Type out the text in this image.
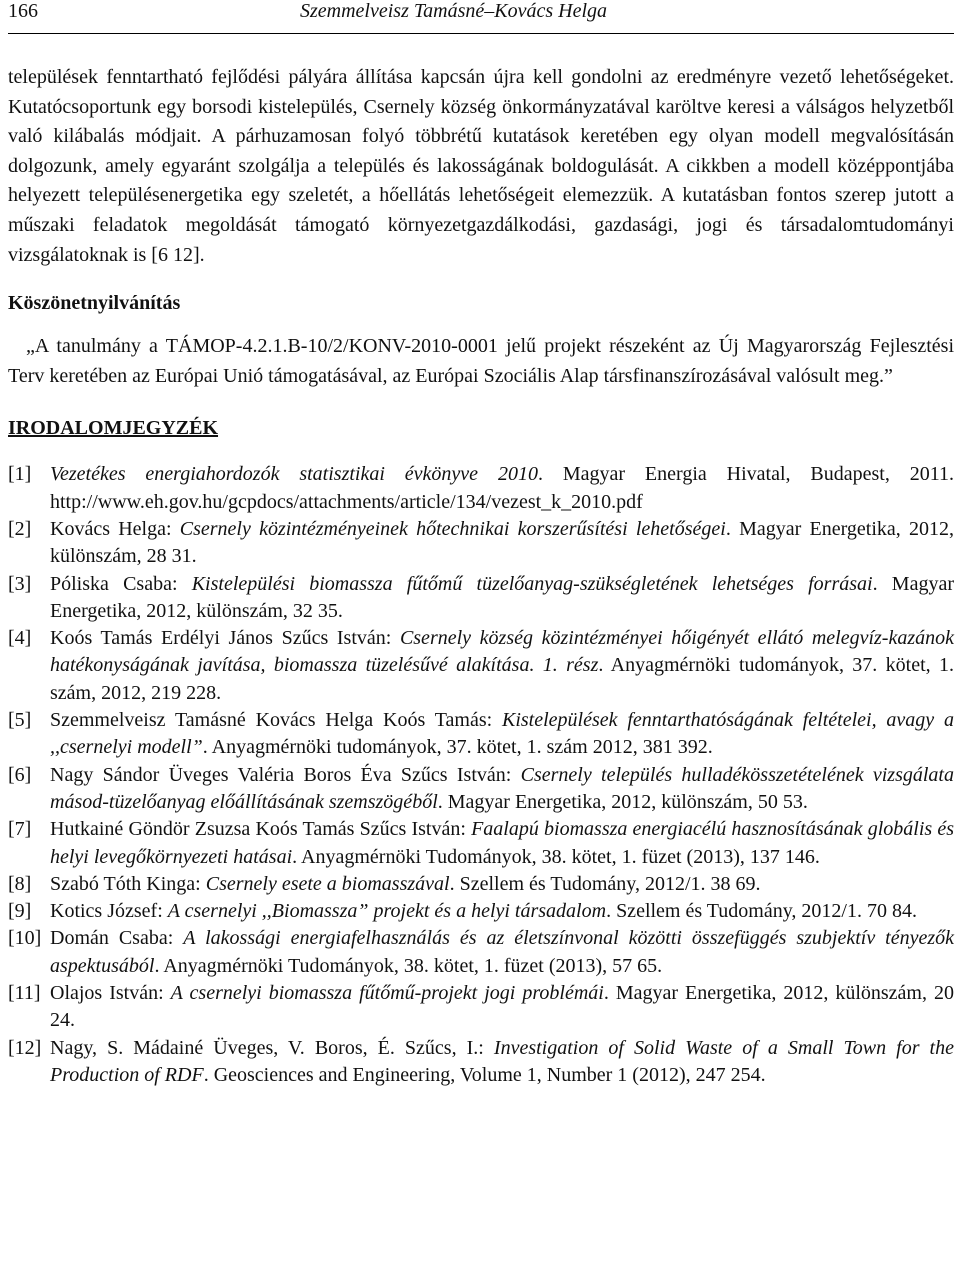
166	Szemmelveisz Tamásné–Kovács Helga

települések fenntartható fejlődési pályára állítása kapcsán újra kell gondolni az eredményre vezető lehetőségeket. Kutatócsoportunk egy borsodi kistelepülés, Csernely község önkormányzatával karöltve keresi a válságos helyzetből való kilábalás módjait. A párhuzamosan folyó többrétű kutatások keretében egy olyan modell megvalósításán dolgozunk, amely egyaránt szolgálja a település és lakosságának boldogulását. A cikkben a modell középpontjába helyezett településenergetika egy szeletét, a hőellátás lehetőségeit elemezzük. A kutatásban fontos szerep jutott a műszaki feladatok megoldását támogató környezetgazdálkodási, gazdasági, jogi és társadalomtudományi vizsgálatoknak is [6 12].

Köszönetnyilvánítás

„A tanulmány a TÁMOP-4.2.1.B-10/2/KONV-2010-0001 jelű projekt részeként az Új Magyarország Fejlesztési Terv keretében az Európai Unió támogatásával, az Európai Szociális Alap társfinanszírozásával valósult meg.”

IRODALOMJEGYZÉK
[1] Vezetékes energiahordozók statisztikai évkönyve 2010. Magyar Energia Hivatal, Budapest, 2011. http://www.eh.gov.hu/gcpdocs/attachments/article/134/vezest_k_2010.pdf
[2] Kovács Helga: Csernely közintézményeinek hőtechnikai korszerűsítési lehetőségei. Magyar Energetika, 2012, különszám, 28 31.
[3] Póliska Csaba: Kistelepülési biomassza fűtőmű tüzelőanyag-szükségletének lehetséges forrásai. Magyar Energetika, 2012, különszám, 32 35.
[4] Koós Tamás Erdélyi János Szűcs István: Csernely község közintézményei hőigényét ellátó melegvíz-kazánok hatékonyságának javítása, biomassza tüzelésűvé alakítása. 1. rész. Anyagmérnöki tudományok, 37. kötet, 1. szám, 2012, 219 228.
[5] Szemmelveisz Tamásné Kovács Helga Koós Tamás: Kistelepülések fenntarthatóságának feltételei, avagy a ,,csernelyi modell”. Anyagmérnöki tudományok, 37. kötet, 1. szám 2012, 381 392.
[6] Nagy Sándor Üveges Valéria Boros Éva Szűcs István: Csernely település hulladékösszetételének vizsgálata másod-tüzelőanyag előállításának szemszögéből. Magyar Energetika, 2012, különszám, 50 53.
[7] Hutkainé Göndör Zsuzsa Koós Tamás Szűcs István: Faalapú biomassza energiacélú hasznosításának globális és helyi levegőkörnyezeti hatásai. Anyagmérnöki Tudományok, 38. kötet, 1. füzet (2013), 137 146.
[8] Szabó Tóth Kinga: Csernely esete a biomasszával. Szellem és Tudomány, 2012/1. 38 69.
[9] Kotics József: A csernelyi ,,Biomassza” projekt és a helyi társadalom. Szellem és Tudomány, 2012/1. 70 84.
[10] Domán Csaba: A lakossági energiafelhasználás és az életszínvonal közötti összefüggés szubjektív tényezők aspektusából. Anyagmérnöki Tudományok, 38. kötet, 1. füzet (2013), 57 65.
[11] Olajos István: A csernelyi biomassza fűtőmű-projekt jogi problémái. Magyar Energetika, 2012, különszám, 20 24.
[12] Nagy, S. Mádainé Üveges, V. Boros, É. Szűcs, I.: Investigation of Solid Waste of a Small Town for the Production of RDF. Geosciences and Engineering, Volume 1, Number 1 (2012), 247 254.
